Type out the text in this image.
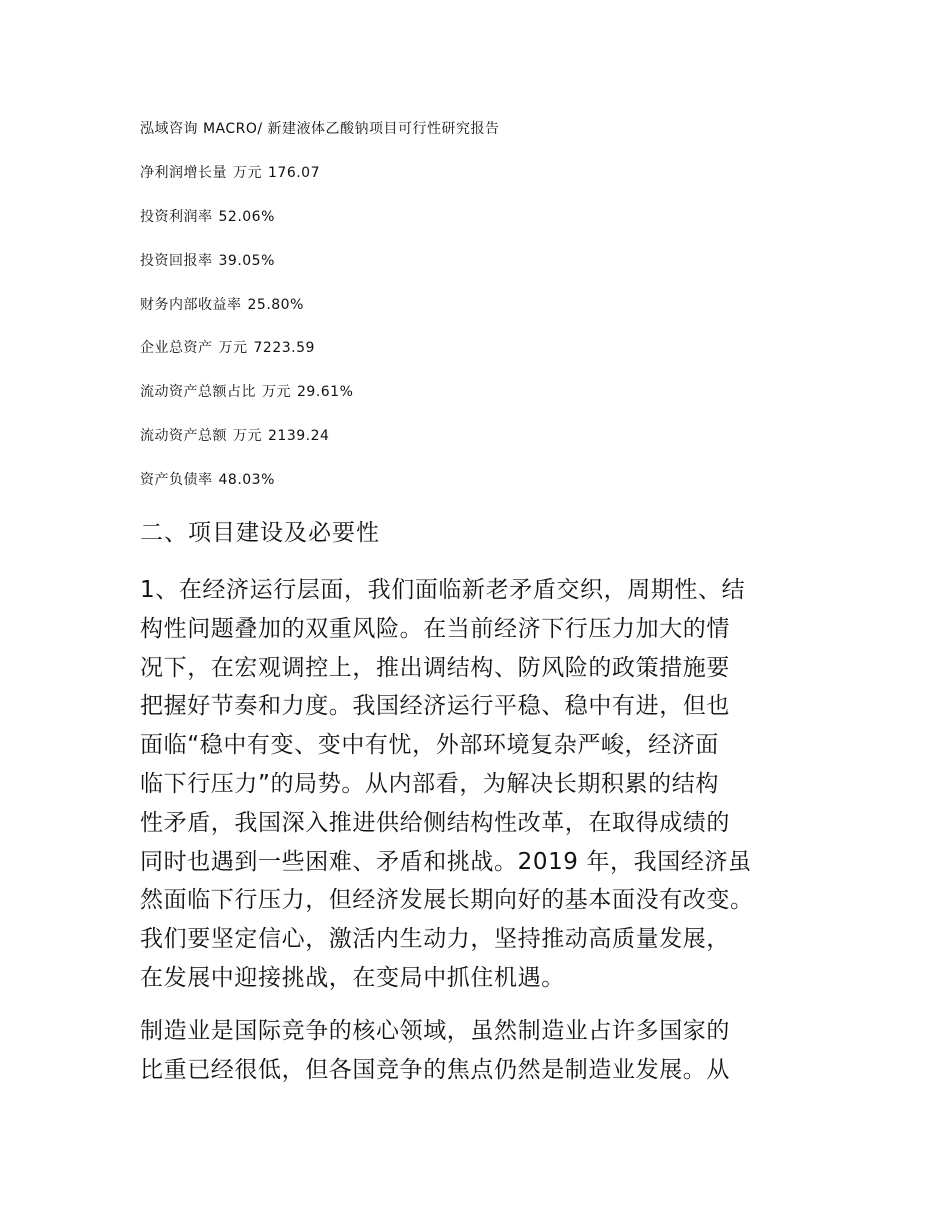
泓域咨询 MACRO/ 新建液体乙酸钠项目可行性研究报告
净利润增长量 万元 176.07
投资利润率 52.06%
投资回报率 39.05%
财务内部收益率 25.80%
企业总资产 万元 7223.59
流动资产总额占比 万元 29.61%
流动资产总额 万元 2139.24
资产负债率 48.03%
二、项目建设及必要性
1、在经济运行层面，我们面临新老矛盾交织，周期性、结
构性问题叠加的双重风险。在当前经济下行压力加大的情
况下，在宏观调控上，推出调结构、防风险的政策措施要
把握好节奏和力度。我国经济运行平稳、稳中有进，但也
面临“稳中有变、变中有忧，外部环境复杂严峻，经济面
临下行压力”的局势。从内部看，为解决长期积累的结构
性矛盾，我国深入推进供给侧结构性改革，在取得成绩的
同时也遇到一些困难、矛盾和挑战。2019 年，我国经济虽
然面临下行压力，但经济发展长期向好的基本面没有改变。
我们要坚定信心，激活内生动力，坚持推动高质量发展，
在发展中迎接挑战，在变局中抓住机遇。
制造业是国际竞争的核心领域，虽然制造业占许多国家的
比重已经很低，但各国竞争的焦点仍然是制造业发展。从
